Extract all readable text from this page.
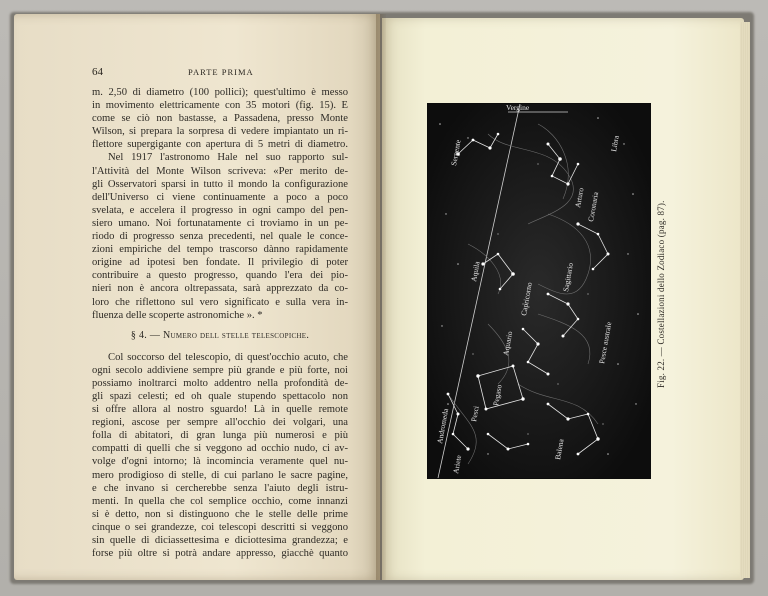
64	PARTE PRIMA
m. 2,50 di diametro (100 pollici); quest'ultimo è messo
in movimento elettricamente con 35 motori (fig. 15). E
come se ciò non bastasse, a Passadena, presso Monte
Wilson, si prepara la sorpresa di vedere impiantato un ri-
flettore supergigante con apertura di 5 metri di diametro.
Nel 1917 l'astronomo Hale nel suo rapporto sul-
l'Attività del Monte Wilson scriveva: «Per merito de-
gli Osservatori sparsi in tutto il mondo la configurazione
dell'Universo ci viene continuamente a poco a poco
svelata, e accelera il progresso in ogni campo del pen-
siero umano. Noi fortunatamente ci troviamo in un pe-
riodo di progresso senza precedenti, nel quale le conce-
zioni empiriche del tempo trascorso dànno rapidamente
origine ad ipotesi ben fondate. Il privilegio di poter
contribuire a questo progresso, quando l'era dei pio-
nieri non è ancora oltrepassata, sarà apprezzato da co-
loro che riflettono sul vero significato e sulla vera in-
fluenza delle scoperte astronomiche ». *
§ 4. — Numero dell stelle telescopiche.
Col soccorso del telescopio, di quest'occhio acuto, che
ogni secolo addiviene sempre più grande e più forte, noi
possiamo inoltrarci molto addentro nella profondità de-
gli spazi celesti; ed oh quale stupendo spettacolo non
si offre allora al nostro sguardo! Là in quelle remote
regioni, ascose per sempre all'occhio dei volgari, una
folla di abitatori, di gran lunga più numerosi e più
compatti di quelli che si veggono ad occhio nudo, ci av-
volge d'ogni intorno; là incomincia veramente quel nu-
mero prodigioso di stelle, di cui parlano le sacre pagine,
e che invano si cercherebbe senza l'aiuto degli istru-
menti. In quella che col semplice occhio, come innanzi
si è detto, non si distinguono che le stelle delle prime
cinque o sei grandezze, coi telescopi descritti si veggono
sin quelle di diciassettesima e diciottesima grandezza; e
forse più oltre si potrà andare appresso, giacchè quanto
Vergine
Serpente
Arturo Coronaria
Aquila	Sagittario
Capricorno
Aquario
Pesci
Pegaso
Andromeda
Ariete
Balena
Pesce australe
Libra
Fig. 22. — Costellazioni dello Zodiaco (pag. 87).
